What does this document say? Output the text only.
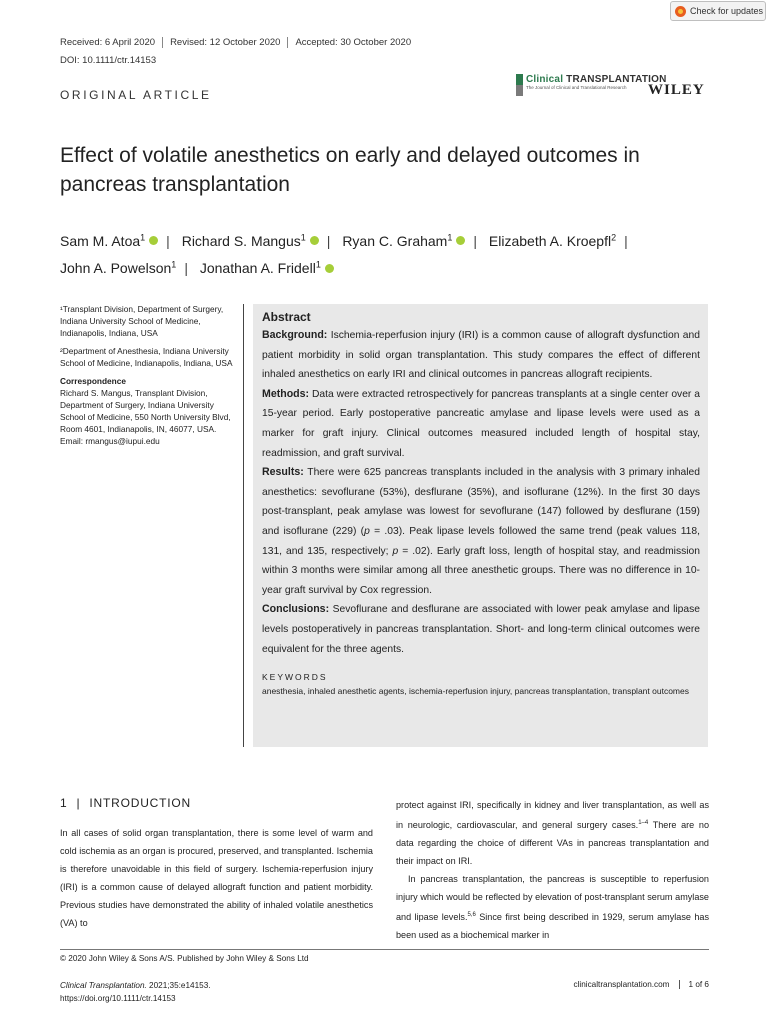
Check for updates
Received: 6 April 2020	Revised: 12 October 2020	Accepted: 30 October 2020
DOI: 10.1111/ctr.14153
ORIGINAL ARTICLE
Clinical TRANSPLANTATION
The Journal of Clinical and Translational Research	WILEY
Effect of volatile anesthetics on early and delayed outcomes in pancreas transplantation
Sam M. Atoa$^1$ | Richard S. Mangus$^1$ | Ryan C. Graham$^1$ | Elizabeth A. Kroepfl$^2$ |
John A. Powelson$^1$ | Jonathan A. Fridell$^1$

¹Transplant Division, Department of Surgery, Indiana University School of Medicine, Indianapolis, Indiana, USA

²Department of Anesthesia, Indiana University School of Medicine, Indianapolis, Indiana, USA

Correspondence

Richard S. Mangus, Transplant Division, Department of Surgery, Indiana University School of Medicine, 550 North University Blvd, Room 4601, Indianapolis, IN, 46077, USA.

Email: rmangus@iupui.edu

Abstract

Background: Ischemia-reperfusion injury (IRI) is a common cause of allograft dysfunction and patient morbidity in solid organ transplantation. This study compares the effect of different inhaled anesthetics on early IRI and clinical outcomes in pancreas allograft recipients.

Methods: Data were extracted retrospectively for pancreas transplants at a single center over a 15-year period. Early postoperative pancreatic amylase and lipase levels were used as a marker for graft injury. Clinical outcomes measured included length of hospital stay, readmission, and graft survival.

Results: There were 625 pancreas transplants included in the analysis with 3 primary inhaled anesthetics: sevoflurane (53%), desflurane (35%), and isoflurane (12%). In the first 30 days post-transplant, peak amylase was lowest for sevoflurane (147) followed by desflurane (159) and isoflurane (229) (p = .03). Peak lipase levels followed the same trend (peak values 118, 131, and 135, respectively; p = .02). Early graft loss, length of hospital stay, and readmission within 3 months were similar among all three anesthetic groups. There was no difference in 10-year graft survival by Cox regression.

Conclusions: Sevoflurane and desflurane are associated with lower peak amylase and lipase levels postoperatively in pancreas transplantation. Short- and long-term clinical outcomes were equivalent for the three agents.

KEYWORDS

anesthesia, inhaled anesthetic agents, ischemia-reperfusion injury, pancreas transplantation, transplant outcomes

1 | INTRODUCTION

In all cases of solid organ transplantation, there is some level of warm and cold ischemia as an organ is procured, preserved, and transplanted. Ischemia is therefore unavoidable in this field of surgery. Ischemia-reperfusion injury (IRI) is a common cause of delayed allograft function and patient morbidity. Previous studies have demonstrated the ability of inhaled volatile anesthetics (VA) to

protect against IRI, specifically in kidney and liver transplantation, as well as in neurologic, cardiovascular, and general surgery cases.$^{1-4}$ There are no data regarding the choice of different VAs in pancreas transplantation and their impact on IRI.

In pancreas transplantation, the pancreas is susceptible to reperfusion injury which would be reflected by elevation of post-transplant serum amylase and lipase levels.$^{5,6}$ Since first being described in 1929, serum amylase has been used as a biochemical marker in

© 2020 John Wiley & Sons A/S. Published by John Wiley & Sons Ltd
Clinical Transplantation. 2021;35:e14153.
https://doi.org/10.1111/ctr.14153
clinicaltransplantation.com	1 of 6
